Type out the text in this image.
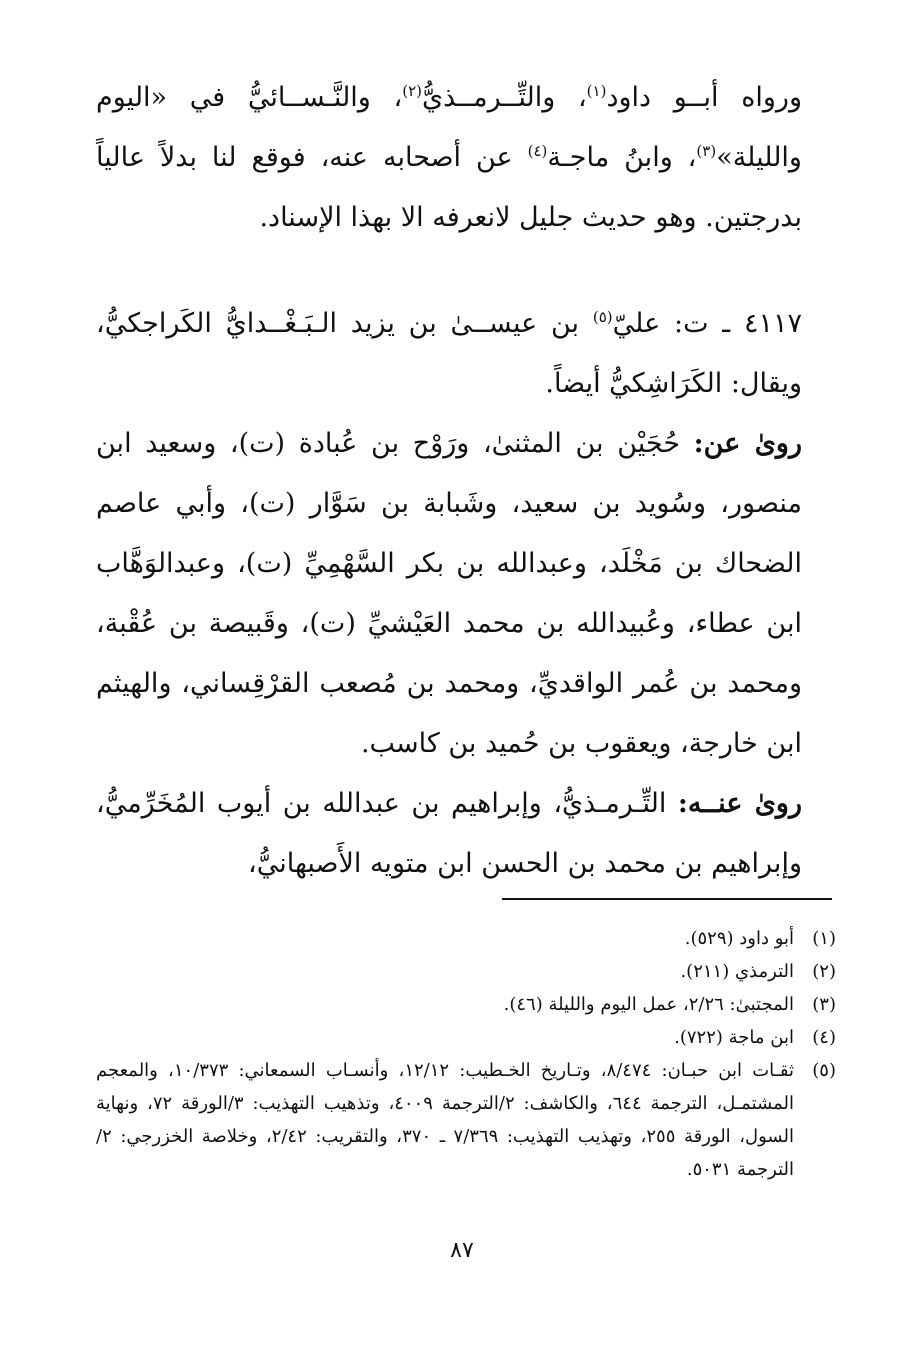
ورواه أبــو داود$^{(١)}$، والتِّــرمــذيُّ$^{(٢)}$، والنَّـســائيُّ في «اليوم والليلة»$^{(٣)}$، وابنُ ماجـة$^{(٤)}$ عن أصحابه عنه، فوقع لنا بدلاً عالياً بدرجتين. وهو حديث جليل لانعرفه الا بهذا الإسناد.

٤١١٧ ـ ت: عليّ$^{(٥)}$ بن عيســىٰ بن يزيد الـبَـغْــدايُّ الكَراجكيُّ، ويقال: الكَرَاشِكيُّ أيضاً.

روىٰ عن: حُجَيْن بن المثنىٰ، ورَوْح بن عُبادة (ت)، وسعيد ابن منصور، وسُويد بن سعيد، وشَبابة بن سَوَّار (ت)، وأبي عاصم الضحاك بن مَخْلَد، وعبدالله بن بكر السَّهْمِيِّ (ت)، وعبدالوَهَّاب ابن عطاء، وعُبيدالله بن محمد العَيْشيِّ (ت)، وقَبيصة بن عُقْبة، ومحمد بن عُمر الواقديِّ، ومحمد بن مُصعب القرْقِساني، والهيثم ابن خارجة، ويعقوب بن حُميد بن كاسب.

روىٰ عنــه: التِّـرمـذيُّ، وإبراهيم بن عبدالله بن أيوب المُخَرِّميُّ، وإبراهيم بن محمد بن الحسن ابن متويه الأَصبهانيُّ،

(١)
أبو داود (٥٢٩).
(٢)
الترمذي (٢١١).
(٣)
المجتبىٰ: ٢/٢٦، عمل اليوم والليلة (٤٦).
(٤)
ابن ماجة (٧٢٢).
(٥)
ثقـات ابن حبـان: ٨/٤٧٤، وتـاريخ الخـطيب: ١٢/١٢، وأنسـاب السمعاني: ١٠/٣٧٣، والمعجم المشتمـل، الترجمة ٦٤٤، والكاشف: ٢/الترجمة ٤٠٠٩، وتذهيب التهذيب: ٣/الورقة ٧٢، ونهاية السول، الورقة ٢٥٥، وتهذيب التهذيب: ٧/٣٦٩ ـ ٣٧٠، والتقريب: ٢/٤٢، وخلاصة الخزرجي: ٢/الترجمة ٥٠٣١.
٨٧
